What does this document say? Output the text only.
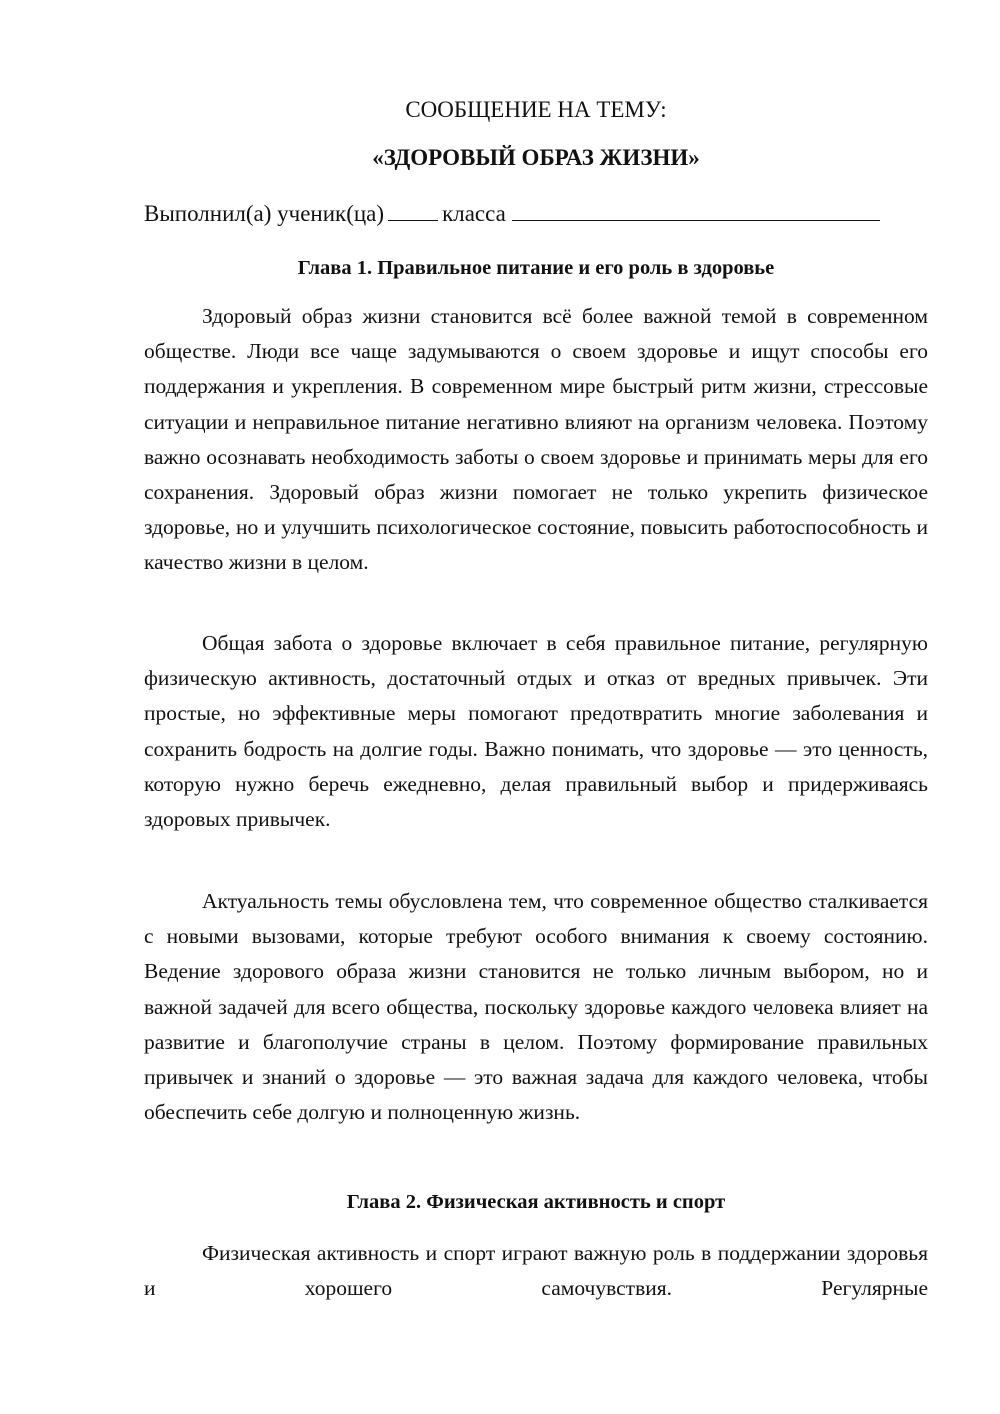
СООБЩЕНИЕ НА ТЕМУ:

«ЗДОРОВЫЙ ОБРАЗ ЖИЗНИ»

Выполнил(а) ученик(ца)	класса
Глава 1. Правильное питание и его роль в здоровье

Здоровый образ жизни становится всё более важной темой в современном обществе. Люди все чаще задумываются о своем здоровье и ищут способы его поддержания и укрепления. В современном мире быстрый ритм жизни, стрессовые ситуации и неправильное питание негативно влияют на организм человека. Поэтому важно осознавать необходимость заботы о своем здоровье и принимать меры для его сохранения. Здоровый образ жизни помогает не только укрепить физическое здоровье, но и улучшить психологическое состояние, повысить работоспособность и качество жизни в целом.

Общая забота о здоровье включает в себя правильное питание, регулярную физическую активность, достаточный отдых и отказ от вредных привычек. Эти простые, но эффективные меры помогают предотвратить многие заболевания и сохранить бодрость на долгие годы. Важно понимать, что здоровье — это ценность, которую нужно беречь ежедневно, делая правильный выбор и придерживаясь здоровых привычек.

Актуальность темы обусловлена тем, что современное общество сталкивается с новыми вызовами, которые требуют особого внимания к своему состоянию. Ведение здорового образа жизни становится не только личным выбором, но и важной задачей для всего общества, поскольку здоровье каждого человека влияет на развитие и благополучие страны в целом. Поэтому формирование правильных привычек и знаний о здоровье — это важная задача для каждого человека, чтобы обеспечить себе долгую и полноценную жизнь.

Глава 2. Физическая активность и спорт

Физическая активность и спорт играют важную роль в поддержании здоровья и хорошего самочувствия. Регулярные
